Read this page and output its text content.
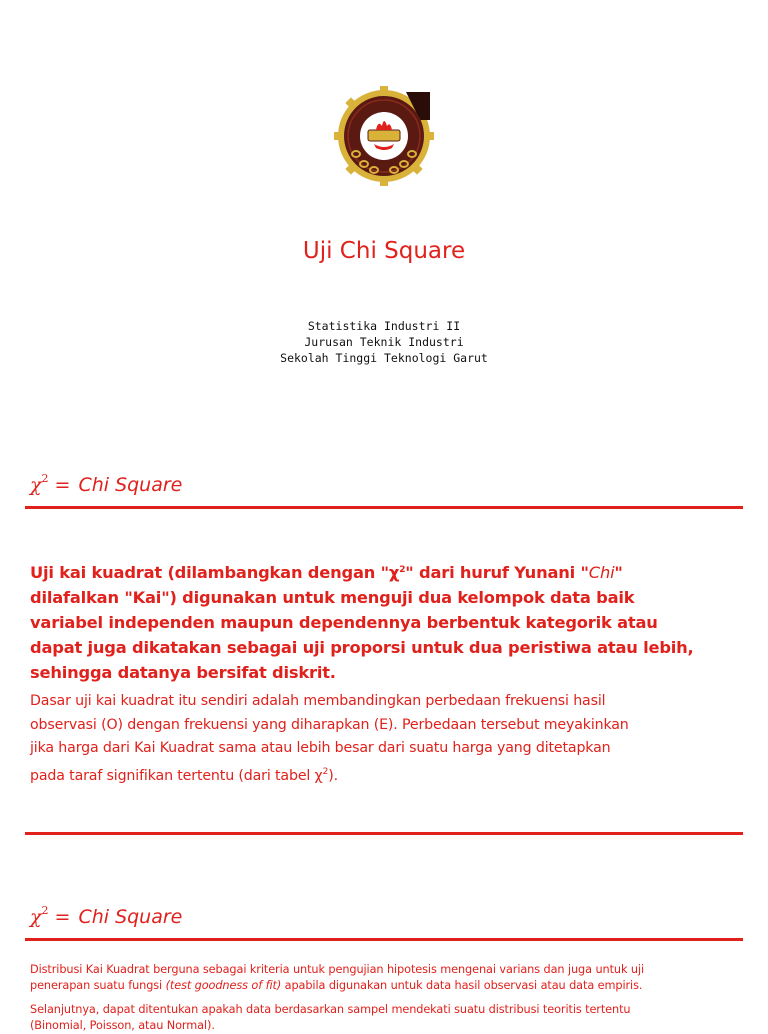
Uji Chi Square
Statistika Industri II
Jurusan Teknik Industri
Sekolah Tinggi Teknologi Garut
$\chi^2$ = Chi Square
Uji kai kuadrat (dilambangkan dengan "$\chi^2$" dari huruf Yunani "Chi"
dilafalkan "Kai") digunakan untuk menguji dua kelompok data baik
variabel independen maupun dependennya berbentuk kategorik atau
dapat juga dikatakan sebagai uji proporsi untuk dua peristiwa atau lebih,
sehingga datanya bersifat diskrit.
Dasar uji kai kuadrat itu sendiri adalah membandingkan perbedaan frekuensi hasil
observasi (O) dengan frekuensi yang diharapkan (E). Perbedaan tersebut meyakinkan
jika harga dari Kai Kuadrat sama atau lebih besar dari suatu harga yang ditetapkan
pada taraf signifikan tertentu (dari tabel $\chi^2$).
$\chi^2$ = Chi Square
Distribusi Kai Kuadrat berguna sebagai kriteria untuk pengujian hipotesis mengenai varians dan juga untuk uji
penerapan suatu fungsi (test goodness of fit) apabila digunakan untuk data hasil observasi atau data empiris.
Selanjutnya, dapat ditentukan apakah data berdasarkan sampel mendekati suatu distribusi teoritis tertentu
(Binomial, Poisson, atau Normal).
